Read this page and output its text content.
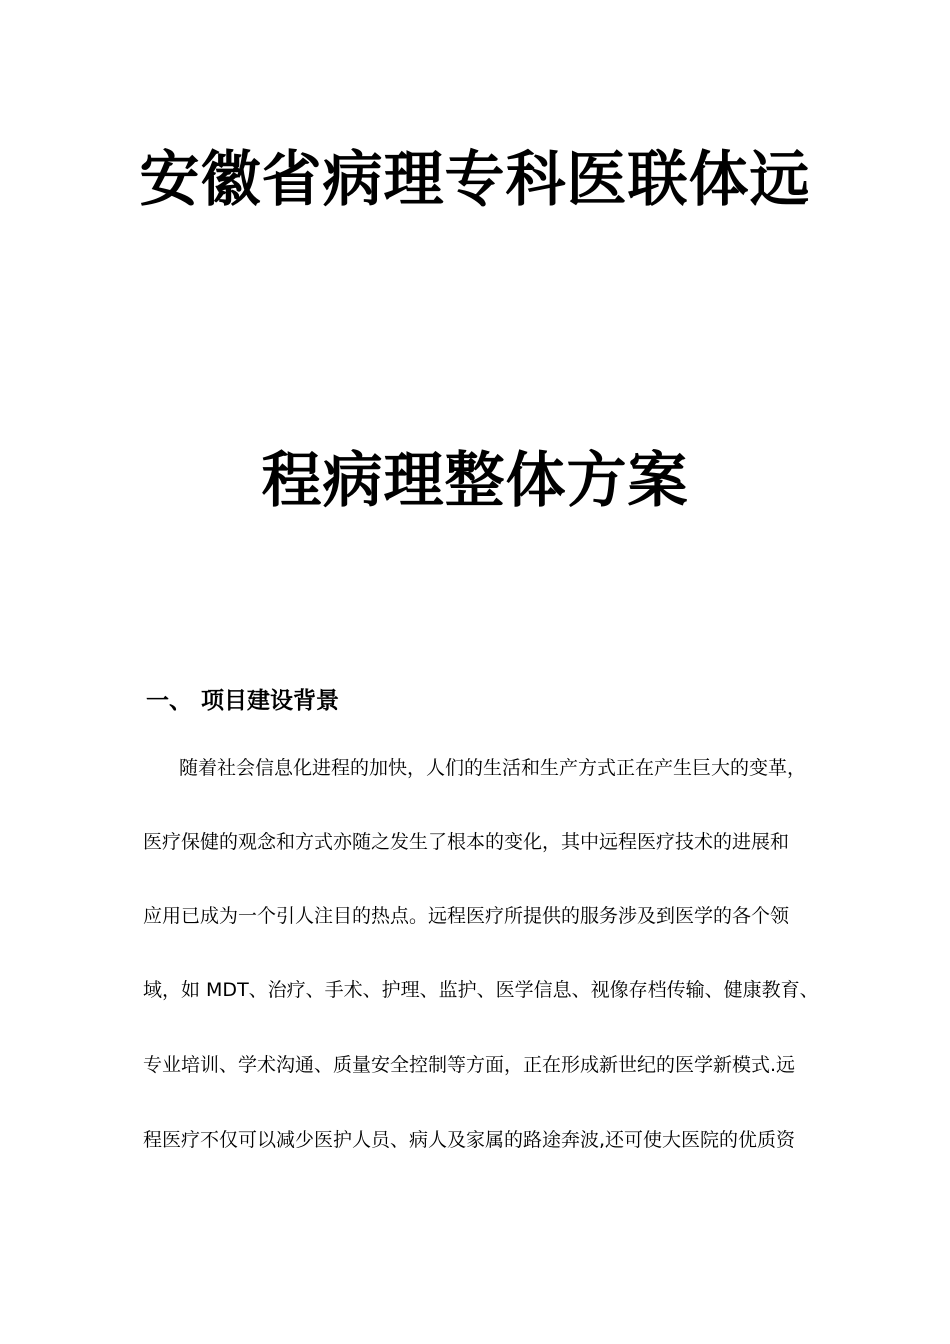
安徽省病理专科医联体远
程病理整体方案
一、 项目建设背景
随着社会信息化进程的加快，人们的生活和生产方式正在产生巨大的变革，
医疗保健的观念和方式亦随之发生了根本的变化，其中远程医疗技术的进展和
应用已成为一个引人注目的热点。远程医疗所提供的服务涉及到医学的各个领
域，如 MDT、治疗、手术、护理、监护、医学信息、视像存档传输、健康教育、
专业培训、学术沟通、质量安全控制等方面，正在形成新世纪的医学新模式.远
程医疗不仅可以减少医护人员、病人及家属的路途奔波,还可使大医院的优质资
